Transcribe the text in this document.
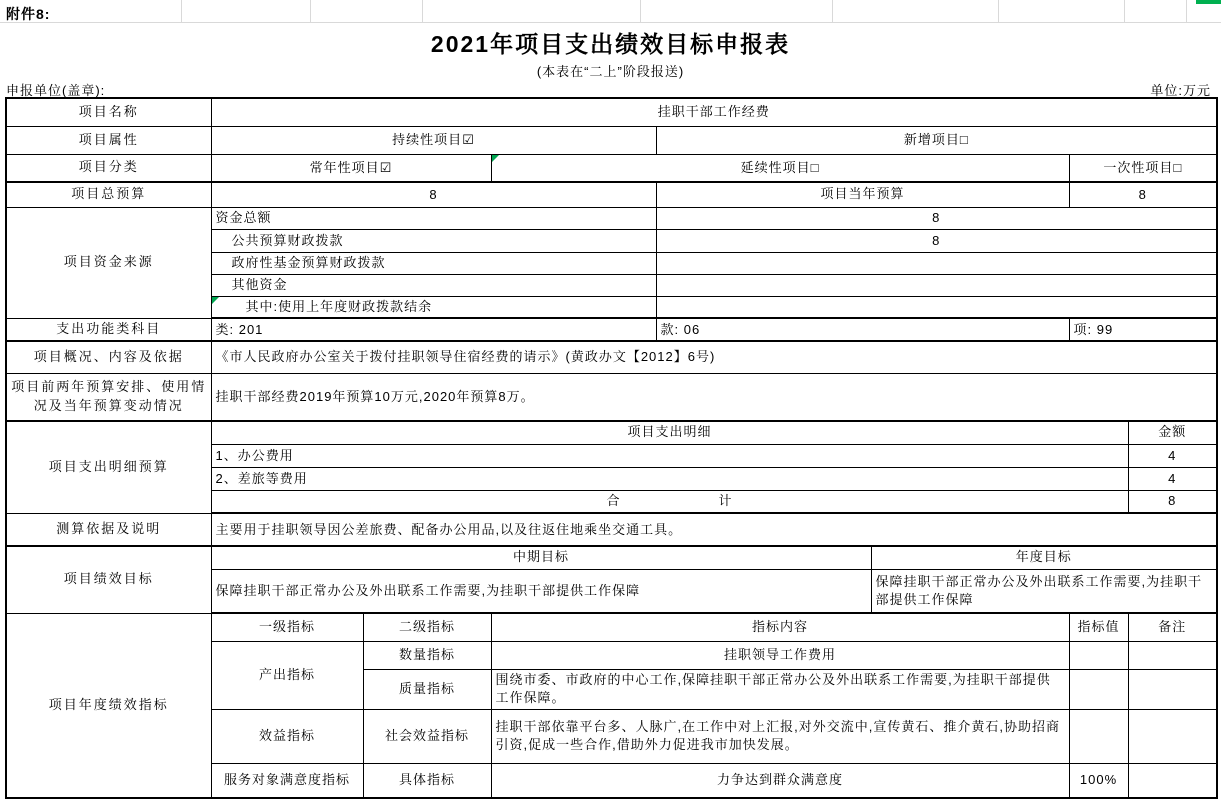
附件8:
2021年项目支出绩效目标申报表
(本表在“二上”阶段报送)
申报单位(盖章):	单位:万元
项目名称	挂职干部工作经费						
项目属性	持续性项目☑			新增项目□			
项目分类	常年性项目☑		延续性项目□			一次性项目□	
项目总预算	8			项目当年预算		8	
项目资金来源	资金总额			8			
	公共预算财政拨款			8			
	政府性基金预算财政拨款						
	其他资金						

其中:使用上年度财政拨款结余						
支出功能类科目	类: 201			款: 06		项: 99	
项目概况、内容及依据	《市人民政府办公室关于拨付挂职领导住宿经费的请示》(黄政办文【2012】6号)						
项目前两年预算安排、使用情况及当年预算变动情况	挂职干部经费2019年预算10万元,2020年预算8万。						
项目支出明细预算	项目支出明细						金额
	1、办公费用						4
	2、差旅等费用						4
	合　　　　　　　计						8
测算依据及说明	主要用于挂职领导因公差旅费、配备办公用品,以及往返住地乘坐交通工具。						
项目绩效目标	中期目标				年度目标		
	保障挂职干部正常办公及外出联系工作需要,为挂职干部提供工作保障				保障挂职干部正常办公及外出联系工作需要,为挂职干部提供工作保障		
项目年度绩效指标	一级指标	二级指标	指标内容			指标值	备注
	产出指标	数量指标	挂职领导工作费用				
		质量指标	围绕市委、市政府的中心工作,保障挂职干部正常办公及外出联系工作需要,为挂职干部提供工作保障。				
	效益指标	社会效益指标	挂职干部依靠平台多、人脉广,在工作中对上汇报,对外交流中,宣传黄石、推介黄石,协助招商引资,促成一些合作,借助外力促进我市加快发展。				
	服务对象满意度指标	具体指标	力争达到群众满意度			100%	
